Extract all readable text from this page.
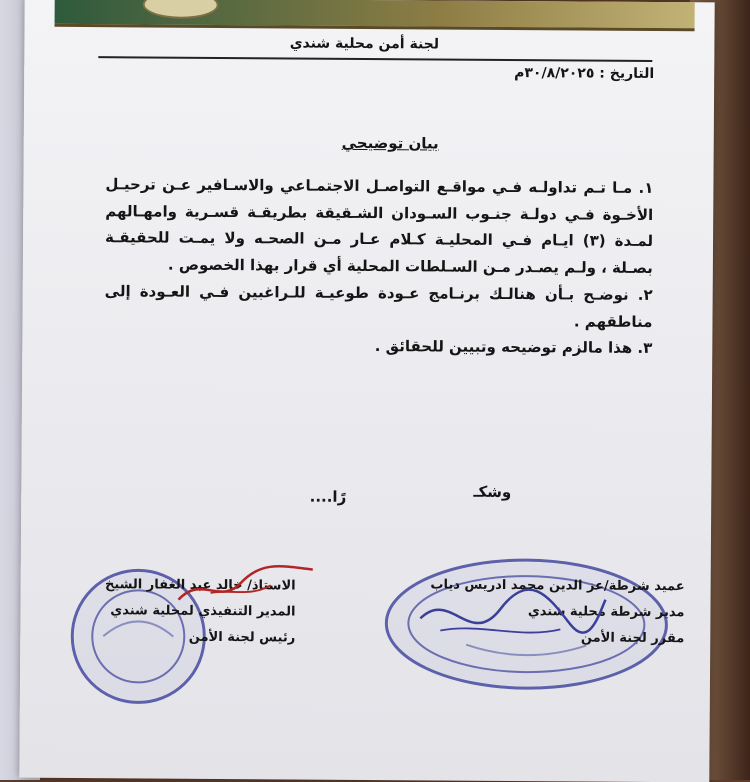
لجنة أمن محلية شندي
التاريخ : ٣٠/٨/٢٠٢٥م
بيان توضيحي

١. مـا تـم تداولـه فـي مواقـع التواصـل الاجتمـاعي والاسـافير عـن ترحيـل الأخـوة فـي دولـة جنـوب السـودان الشـقيقة بطريقـة قسـرية وامهـالهم لمـدة (٣) ايـام فـي المحليـة كـلام عـار مـن الصحـه ولا يمـت للحقيقـة بصـلة ، ولـم يصـدر مـن السـلطات المحلية أي قرار بهذا الخصوص .

٢. نوضـح بـأن هنالـك برنـامج عـودة طوعيـة للـراغبين فـي العـودة إلى مناطقهم .

٣. هذا مالزم توضيحه وتبيين للحقائق .

وشكـ
رًا....
عميد شرطة/عز الدين محمد ادريس دياب
مدير شرطة محلية شندي
مقرر لجنة الأمن
الاستاذ/ خالد عبد الغفار الشيخ
المدير التنفيذي لمحلية شندي
رئيس لجنة الأمن
